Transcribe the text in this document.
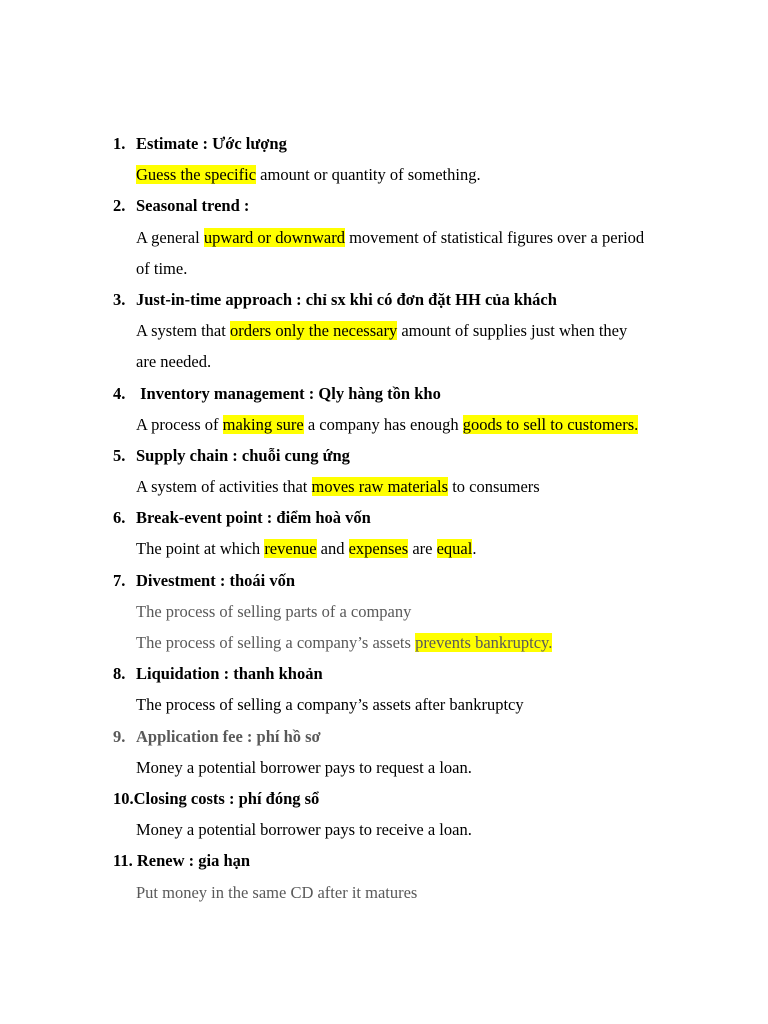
1. Estimate : Ước lượng
Guess the specific amount or quantity of something.
2. Seasonal trend :
A general upward or downward movement of statistical figures over a period
of time.
3. Just-in-time approach : chỉ sx khi có đơn đặt HH của khách
A system that orders only the necessary amount of supplies just when they
are needed.
4. Inventory management : Qly hàng tồn kho
A process of making sure a company has enough goods to sell to customers.
5. Supply chain : chuỗi cung ứng
A system of activities that moves raw materials to consumers
6. Break-event point : điểm hoà vốn
The point at which revenue and expenses are equal.
7. Divestment : thoái vốn
The process of selling parts of a company
The process of selling a company’s assets prevents bankruptcy.
8. Liquidation : thanh khoản
The process of selling a company’s assets after bankruptcy
9. Application fee : phí hồ sơ
Money a potential borrower pays to request a loan.
10.Closing costs : phí đóng sổ
Money a potential borrower pays to receive a loan.
11. Renew : gia hạn
Put money in the same CD after it matures
